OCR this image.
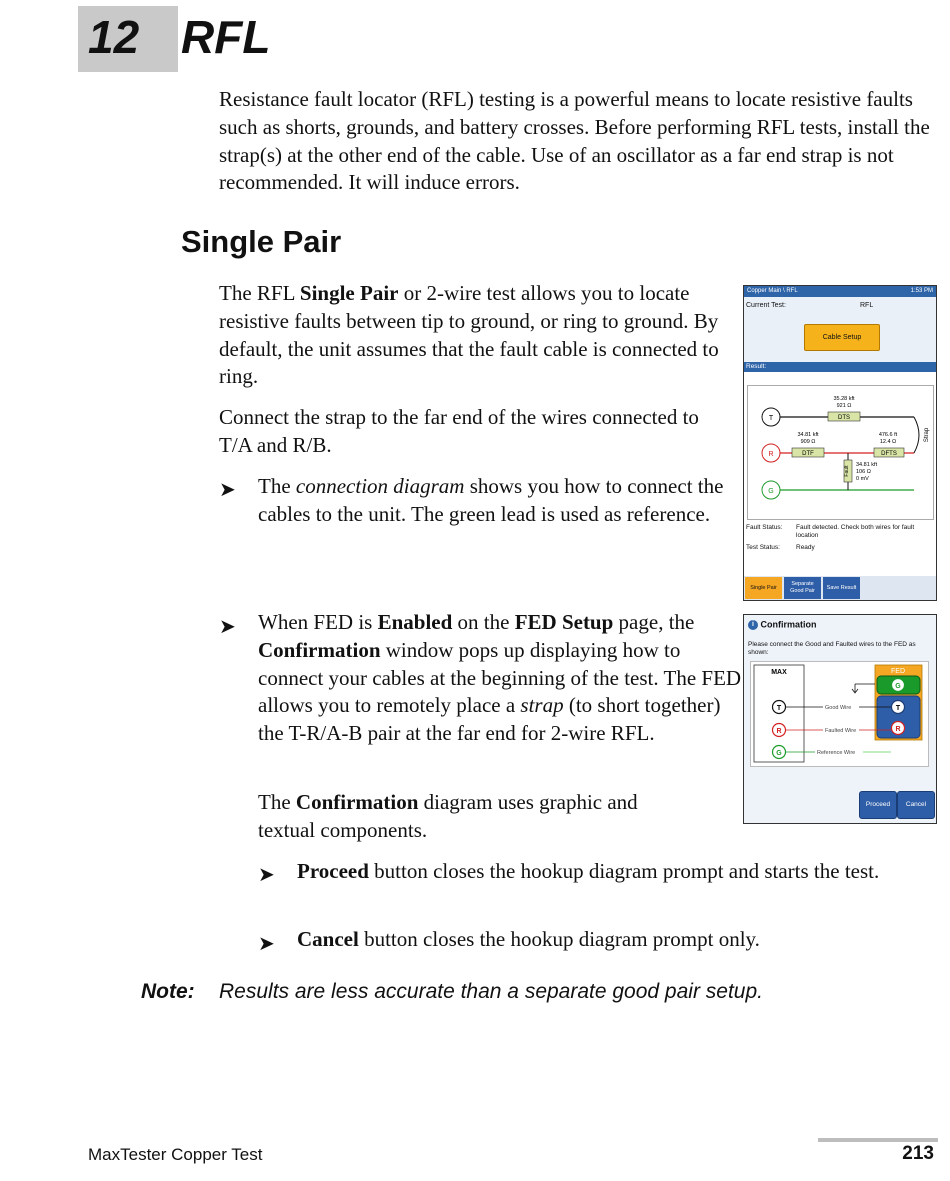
12 RFL
Resistance fault locator (RFL) testing is a powerful means to locate resistive faults such as shorts, grounds, and battery crosses. Before performing RFL tests, install the strap(s) at the other end of the cable. Use of an oscillator as a far end strap is not recommended. It will induce errors.
Single Pair
The RFL Single Pair or 2-wire test allows you to locate resistive faults between tip to ground, or ring to ground. By default, the unit assumes that the fault cable is connected to ring.
Connect the strap to the far end of the wires connected to T/A and R/B.
➤ The connection diagram shows you how to connect the cables to the unit. The green lead is used as reference.
➤ When FED is Enabled on the FED Setup page, the Confirmation window pops up displaying how to connect your cables at the beginning of the test. The FED allows you to remotely place a strap (to short together) the T-R/A-B pair at the far end for 2-wire RFL.
The Confirmation diagram uses graphic and textual components.
➤ Proceed button closes the hookup diagram prompt and starts the test.
➤ Cancel button closes the hookup diagram prompt only.
Note: Results are less accurate than a separate good pair setup.
MaxTester Copper Test	213
Copper Main \ RFL	1:53 PM
Current Test:	RFL
Cable Setup
Result:
T
R
G
DTS
35.28 kft
921 Ω
DTF
34.81 kft
909 Ω
DFTS
476.6 ft
12.4 Ω
Fault
34.81 kft
106 Ω
0 mV
Strap
Fault Status: Fault detected. Check both wires for fault location
Test Status: Ready
Single Pair
Separate Good Pair
Save Result
i Confirmation
Please connect the Good and Faulted wires to the FED as shown:
MAX	FED
G
T
R
T
R
G
Good Wire
Faulted Wire
Reference Wire
Proceed	Cancel
